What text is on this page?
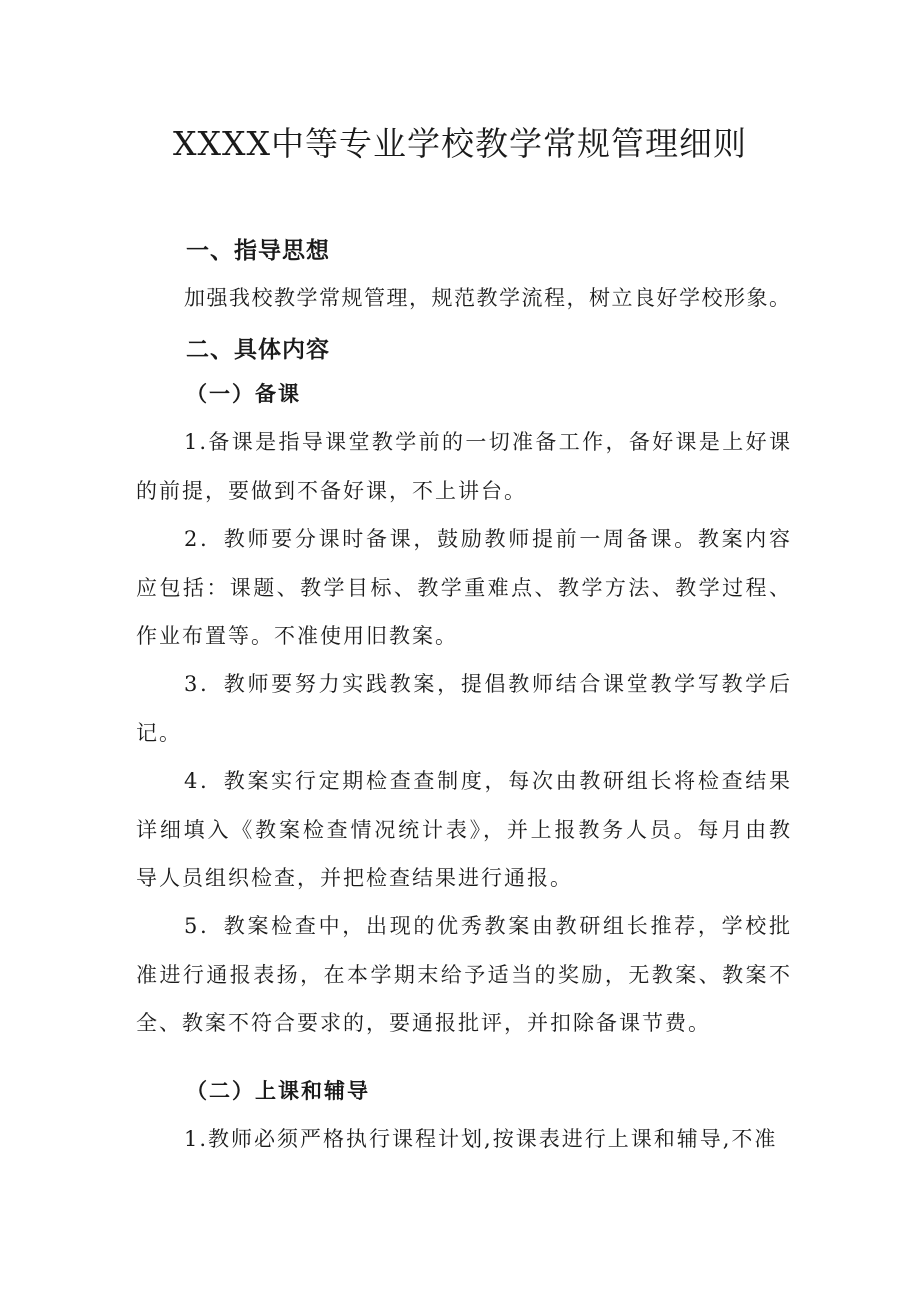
XXXX中等专业学校教学常规管理细则
一、指导思想

加强我校教学常规管理，规范教学流程，树立良好学校形象。

二、具体内容
（一）备课

1.备课是指导课堂教学前的一切准备工作，备好课是上好课的前提，要做到不备好课，不上讲台。

2．教师要分课时备课，鼓励教师提前一周备课。教案内容应包括：课题、教学目标、教学重难点、教学方法、教学过程、作业布置等。不准使用旧教案。

3．教师要努力实践教案，提倡教师结合课堂教学写教学后记。

4．教案实行定期检查查制度，每次由教研组长将检查结果详细填入《教案检查情况统计表》，并上报教务人员。每月由教导人员组织检查，并把检查结果进行通报。

5．教案检查中，出现的优秀教案由教研组长推荐，学校批准进行通报表扬，在本学期末给予适当的奖励，无教案、教案不全、教案不符合要求的，要通报批评，并扣除备课节费。

（二）上课和辅导

1.教师必须严格执行课程计划,按课表进行上课和辅导,不准
